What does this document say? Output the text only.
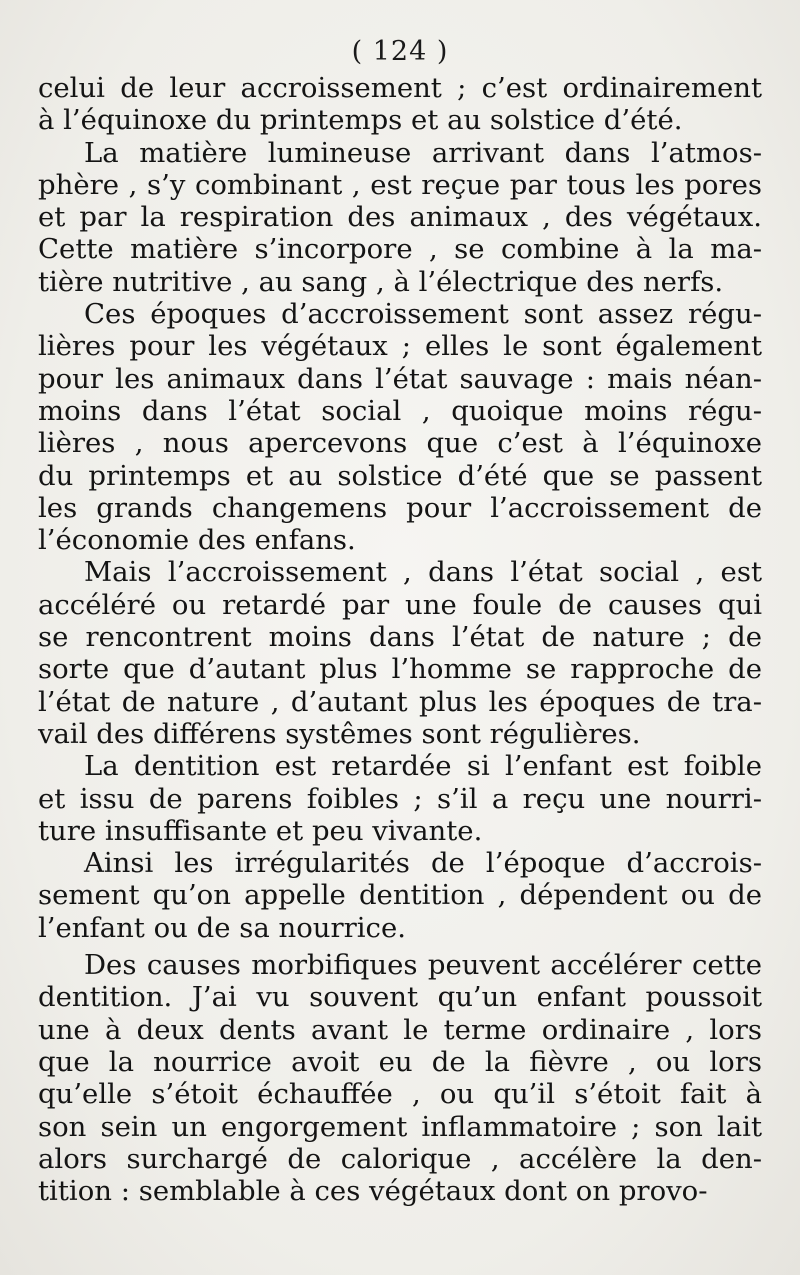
( 124 )
celui de leur accroissement ; c’est ordinairement
à l’équinoxe du printemps et au solstice d’été.
La matière lumineuse arrivant dans l’atmos-
phère , s’y combinant , est reçue par tous les pores
et par la respiration des animaux , des végétaux.
Cette matière s’incorpore , se combine à la ma-
tière nutritive , au sang , à l’électrique des nerfs.
Ces époques d’accroissement sont assez régu-
lières pour les végétaux ; elles le sont également
pour les animaux dans l’état sauvage : mais néan-
moins dans l’état social , quoique moins régu-
lières , nous apercevons que c’est à l’équinoxe
du printemps et au solstice d’été que se passent
les grands changemens pour l’accroissement de
l’économie des enfans.
Mais l’accroissement , dans l’état social , est
accéléré ou retardé par une foule de causes qui
se rencontrent moins dans l’état de nature ; de
sorte que d’autant plus l’homme se rapproche de
l’état de nature , d’autant plus les époques de tra-
vail des différens systêmes sont régulières.
La dentition est retardée si l’enfant est foible
et issu de parens foibles ; s’il a reçu une nourri-
ture insuffisante et peu vivante.
Ainsi les irrégularités de l’époque d’accrois-
sement qu’on appelle dentition , dépendent ou de
l’enfant ou de sa nourrice.
Des causes morbifiques peuvent accélérer cette
dentition. J’ai vu souvent qu’un enfant poussoit
une à deux dents avant le terme ordinaire , lors
que la nourrice avoit eu de la fièvre , ou lors
qu’elle s’étoit échauffée , ou qu’il s’étoit fait à
son sein un engorgement inflammatoire ; son lait
alors surchargé de calorique , accélère la den-
tition : semblable à ces végétaux dont on provo-
